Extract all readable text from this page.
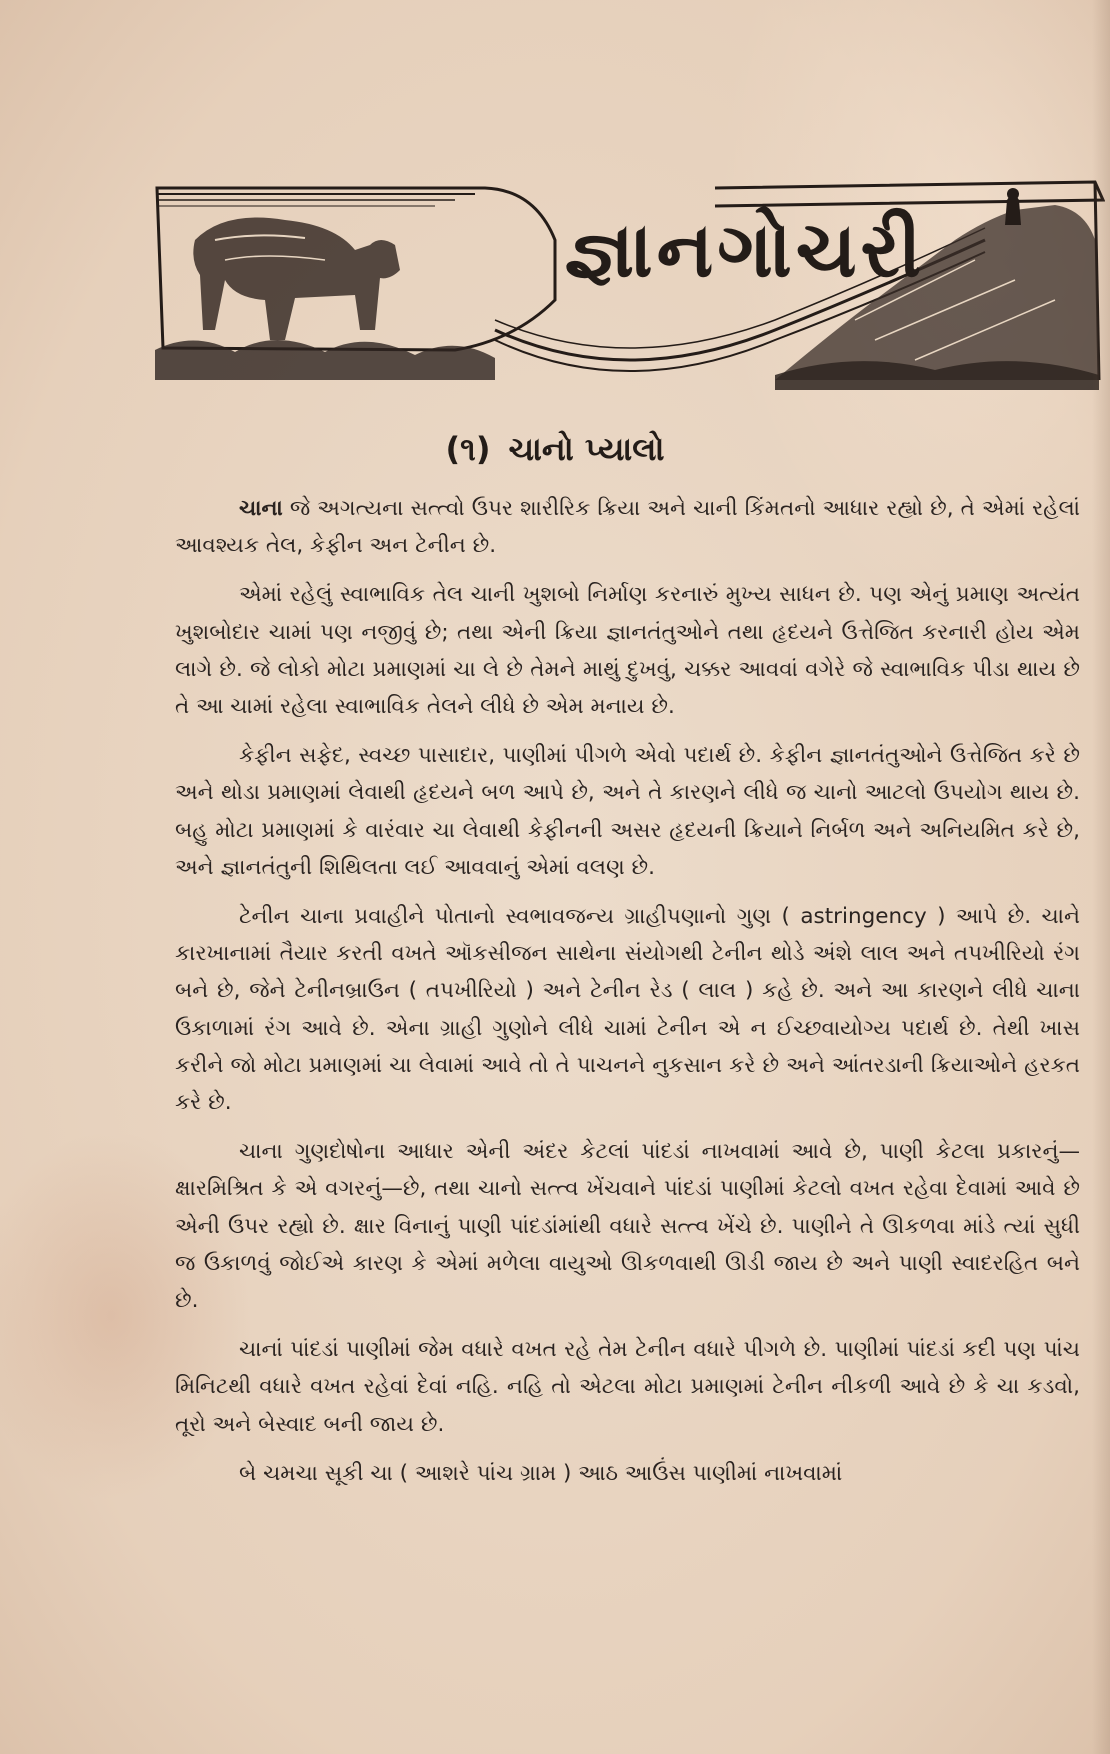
જ્ઞાનગોચરી
(૧) ચાનો પ્યાલો

ચાના જે અગત્યના સત્ત્વો ઉપર શારીરિક ક્રિયા અને ચાની કિંમતનો આધાર રહ્યો છે, તે એમાં રહેલાં આવશ્યક તેલ, કેફીન અન ટેનીન છે.

એમાં રહેલું સ્વાભાવિક તેલ ચાની ખુશબો નિર્માણ કરનારું મુખ્ય સાધન છે. પણ એનું પ્રમાણ અત્યંત ખુશબોદાર ચામાં પણ નજીવું છે; તથા એની ક્રિયા જ્ઞાનતંતુઓને તથા હૃદયને ઉત્તેજિત કરનારી હોય એમ લાગે છે. જે લોકો મોટા પ્રમાણમાં ચા લે છે તેમને માથું દુખવું, ચક્કર આવવાં વગેરે જે સ્વાભાવિક પીડા થાય છે તે આ ચામાં રહેલા સ્વાભાવિક તેલને લીધે છે એમ મનાય છે.

કેફીન સફેદ, સ્વચ્છ પાસાદાર, પાણીમાં પીગળે એવો પદાર્થ છે. કેફીન જ્ઞાનતંતુઓને ઉત્તેજિત કરે છે અને થોડા પ્રમાણમાં લેવાથી હૃદયને બળ આપે છે, અને તે કારણને લીધે જ ચાનો આટલો ઉપયોગ થાય છે. બહુ મોટા પ્રમાણમાં કે વારંવાર ચા લેવાથી કેફીનની અસર હૃદયની ક્રિયાને નિર્બળ અને અનિયમિત કરે છે, અને જ્ઞાનતંતુની શિથિલતા લઈ આવવાનું એમાં વલણ છે.

ટેનીન ચાના પ્રવાહીને પોતાનો સ્વભાવજન્ય ગ્રાહીપણાનો ગુણ ( astringency ) આપે છે. ચાને કારખાનામાં તૈયાર કરતી વખતે ઑકસીજન સાથેના સંયોગથી ટેનીન થોડે અંશે લાલ અને તપખીરિયો રંગ બને છે, જેને ટેનીનબ્રાઉન ( તપખીરિયો ) અને ટેનીન રેડ ( લાલ ) કહે છે. અને આ કારણને લીધે ચાના ઉકાળામાં રંગ આવે છે. એના ગ્રાહી ગુણોને લીધે ચામાં ટેનીન એ ન ઈચ્છવાયોગ્ય પદાર્થ છે. તેથી ખાસ કરીને જો મોટા પ્રમાણમાં ચા લેવામાં આવે તો તે પાચનને નુકસાન કરે છે અને આંતરડાની ક્રિયાઓને હરકત કરે છે.

ચાના ગુણદોષોના આધાર એની અંદર કેટલાં પાંદડાં નાખવામાં આવે છે, પાણી કેટલા પ્રકારનું—ક્ષારમિશ્રિત કે એ વગરનું—છે, તથા ચાનો સત્ત્વ ખેંચવાને પાંદડાં પાણીમાં કેટલો વખત રહેવા દેવામાં આવે છે એની ઉપર રહ્યો છે. ક્ષાર વિનાનું પાણી પાંદડાંમાંથી વધારે સત્ત્વ ખેંચે છે. પાણીને તે ઊકળવા માંડે ત્યાં સુધી જ ઉકાળવું જોઈએ કારણ કે એમાં મળેલા વાયુઓ ઊકળવાથી ઊડી જાય છે અને પાણી સ્વાદરહિત બને છે.

ચાનાં પાંદડાં પાણીમાં જેમ વધારે વખત રહે તેમ ટેનીન વધારે પીગળે છે. પાણીમાં પાંદડાં કદી પણ પાંચ મિનિટથી વધારે વખત રહેવાં દેવાં નહિ. નહિ તો એટલા મોટા પ્રમાણમાં ટેનીન નીકળી આવે છે કે ચા કડવો, તૂરો અને બેસ્વાદ બની જાય છે.

બે ચમચા સૂકી ચા ( આશરે પાંચ ગ્રામ ) આઠ આઉંસ પાણીમાં નાખવામાં
